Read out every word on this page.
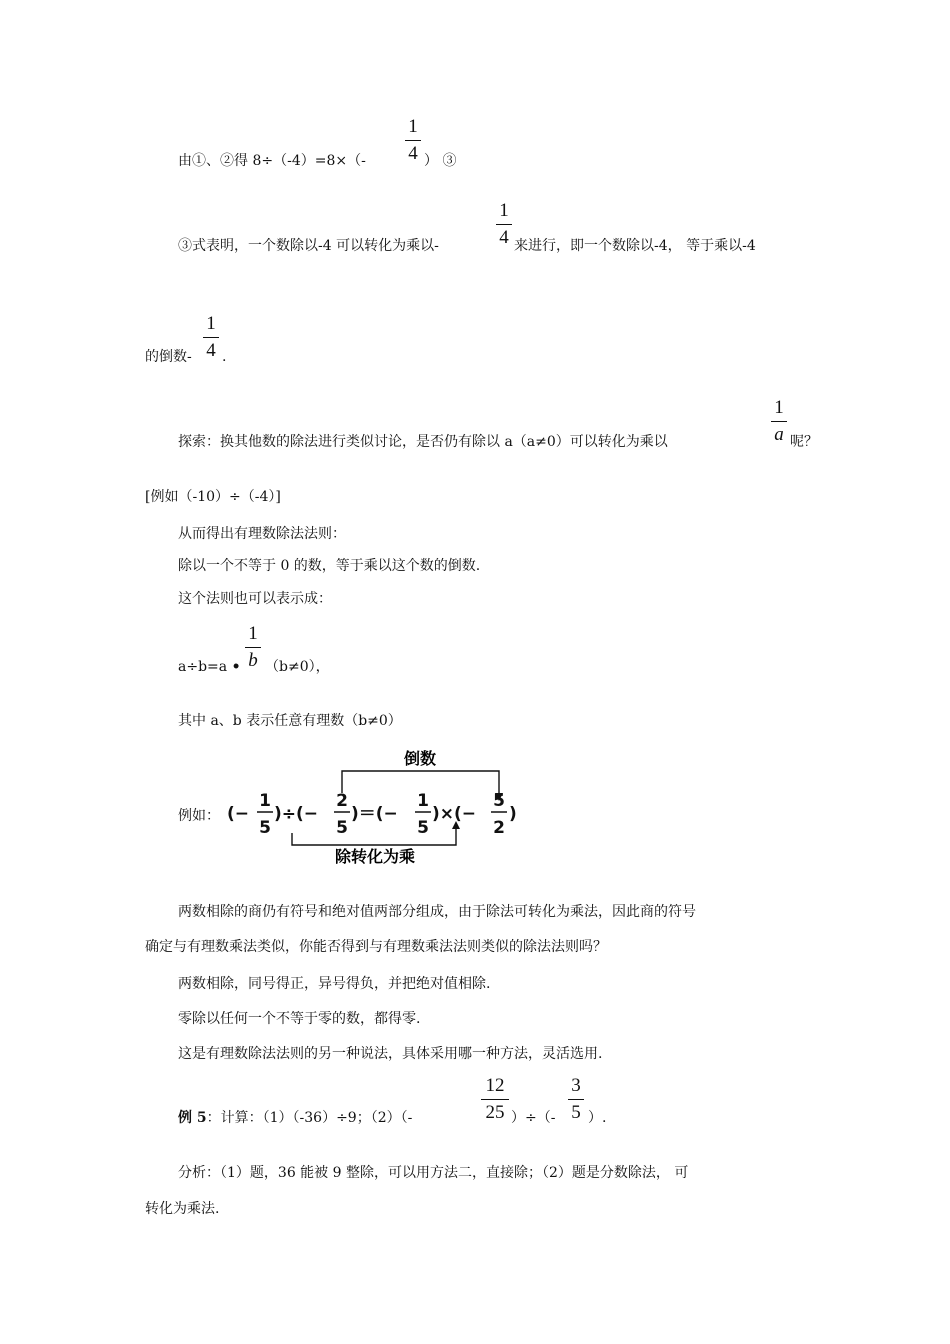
由①、②得 8÷（-4）=8×（-
1
4 ） ③
③式表明，一个数除以-4 可以转化为乘以-
1
4 来进行，即一个数除以-4， 等于乘以-4
的倒数-
1
4 .
探索：换其他数的除法进行类似讨论，是否仍有除以 a（a≠0）可以转化为乘以
1
a 呢？
[例如（-10）÷（-4）]
从而得出有理数除法法则：
除以一个不等于 0 的数，等于乘以这个数的倒数.
这个法则也可以表示成：
a÷b=a •
1
b （b≠0），
其中 a、b 表示任意有理数（b≠0）
例如：
倒数
除转化为乘
(−
1
5
)÷(−
2
5
)＝(−
1
5
)×(−
5
2
)
两数相除的商仍有符号和绝对值两部分组成，由于除法可转化为乘法，因此商的符号
确定与有理数乘法类似，你能否得到与有理数乘法法则类似的除法法则吗？
两数相除，同号得正，异号得负，并把绝对值相除.
零除以任何一个不等于零的数，都得零.
这是有理数除法法则的另一种说法，具体采用哪一种方法，灵活选用.
例 5：计算：（1）（-36）÷9；（2）（-
12
25 ）÷（-
3
5 ）.
分析：（1）题，36 能被 9 整除，可以用方法二，直接除；（2）题是分数除法， 可
转化为乘法.
